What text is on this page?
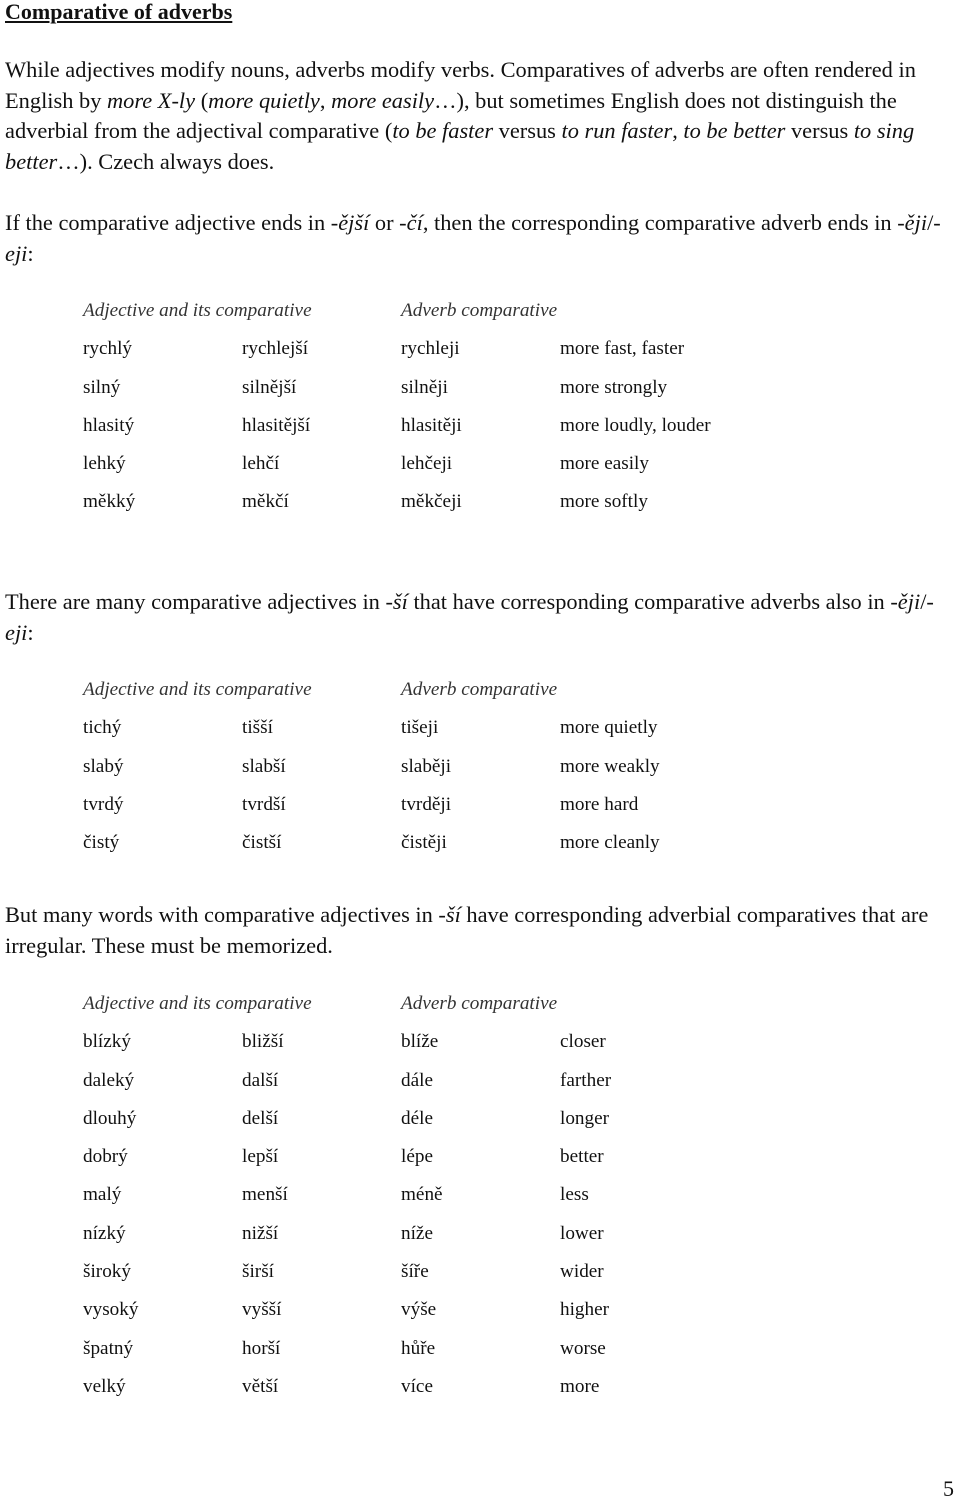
Comparative of adverbs

While adjectives modify nouns, adverbs modify verbs. Comparatives of adverbs are often rendered in English by more X-ly (more quietly, more easily…), but sometimes English does not distinguish the adverbial from the adjectival comparative (to be faster versus to run faster, to be better versus to sing better…). Czech always does.

If the comparative adjective ends in -ější or -čí, then the corresponding comparative adverb ends in -ěji/-eji:

Adjective and its comparative		Adverb comparative	
rychlý	rychlejší	rychleji	more fast, faster
silný	silnější	silněji	more strongly
hlasitý	hlasitější	hlasitěji	more loudly, louder
lehký	lehčí	lehčeji	more easily
měkký	měkčí	měkčeji	more softly

There are many comparative adjectives in -ší that have corresponding comparative adverbs also in -ěji/-eji:

Adjective and its comparative		Adverb comparative	
tichý	tišší	tišeji	more quietly
slabý	slabší	slaběji	more weakly
tvrdý	tvrdší	tvrději	more hard
čistý	čistší	čistěji	more cleanly

But many words with comparative adjectives in -ší have corresponding adverbial comparatives that are irregular. These must be memorized.

Adjective and its comparative		Adverb comparative	
blízký	bližší	blíže	closer
daleký	další	dále	farther
dlouhý	delší	déle	longer
dobrý	lepší	lépe	better
malý	menší	méně	less
nízký	nižší	níže	lower
široký	širší	šíře	wider
vysoký	vyšší	výše	higher
špatný	horší	hůře	worse
velký	větší	více	more
5
